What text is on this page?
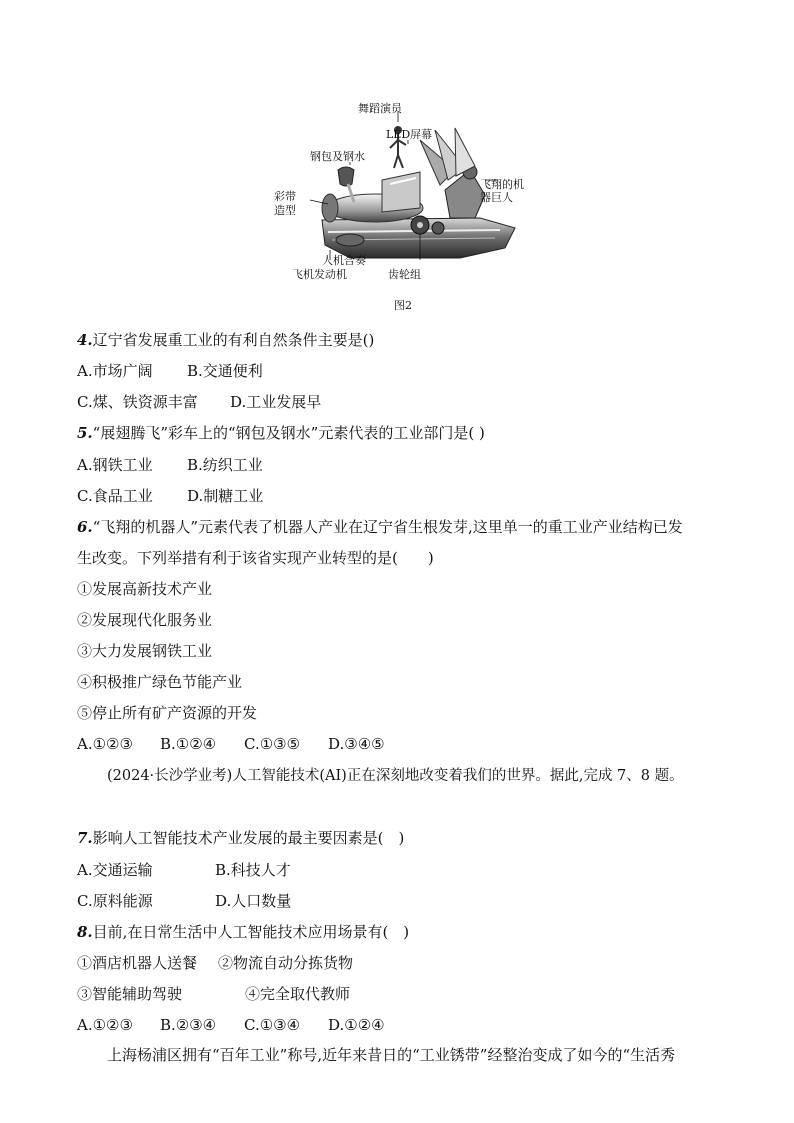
舞蹈演员
LED屏幕
钢包及钢水
飞翔的机
器巨人
彩带
造型
人机合奏
飞机发动机	齿轮组
图2
4.辽宁省发展重工业的有利自然条件主要是()
A.市场广阔 B.交通便利
C.煤、铁资源丰富 D.工业发展早
5.“展翅腾飞”彩车上的“钢包及钢水”元素代表的工业部门是( )
A.钢铁工业 B.纺织工业
C.食品工业 D.制糖工业
6.“飞翔的机器人”元素代表了机器人产业在辽宁省生根发芽,这里单一的重工业产业结构已发
生改变。下列举措有利于该省实现产业转型的是(　　)
①发展高新技术产业
②发展现代化服务业
③大力发展钢铁工业
④积极推广绿色节能产业
⑤停止所有矿产资源的开发
A.①②③ B.①②④ C.①③⑤ D.③④⑤
(2024·长沙学业考)人工智能技术(AI)正在深刻地改变着我们的世界。据此,完成 7、8 题。
7.影响人工智能技术产业发展的最主要因素是(　)
A.交通运输	B.科技人才
C.原料能源	D.人口数量
8.目前,在日常生活中人工智能技术应用场景有(　)
①酒店机器人送餐 ②物流自动分拣货物
③智能辅助驾驶	④完全取代教师
A.①②③ B.②③④ C.①③④ D.①②④
上海杨浦区拥有“百年工业”称号,近年来昔日的“工业锈带”经整治变成了如今的“生活秀
